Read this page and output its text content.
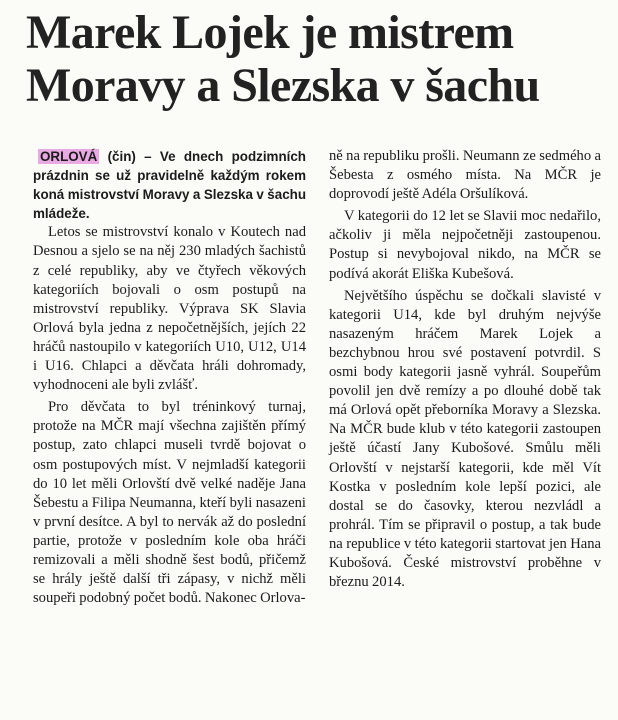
Marek Lojek je mistrem
Moravy a Slezska v šachu

ORLOVÁ (čin) – Ve dnech podzimních prázdnin se už pravidelně každým rokem koná mistrovství Moravy a Slezska v šachu mládeže.

Letos se mistrovství konalo v Koutech nad Desnou a sjelo se na něj 230 mladých šachistů z celé republiky, aby ve čtyřech věkových kategoriích bojovali o osm postupů na mistrovství republiky. Výprava SK Slavia Orlová byla jedna z nepočetnějších, jejích 22 hráčů nastoupilo v kategoriích U10, U12, U14 i U16. Chlapci a děvčata hráli dohromady, vyhodnoceni ale byli zvlášť.

Pro děvčata to byl tréninkový turnaj, protože na MČR mají všechna zajištěn přímý postup, zato chlapci museli tvrdě bojovat o osm postupových míst. V nejmladší kategorii do 10 let měli Orlovští dvě velké naděje Jana Šebestu a Filipa Neumanna, kteří byli nasazeni v první desítce. A byl to nervák až do poslední partie, protože v posledním kole oba hráči remizovali a měli shodně šest bodů, přičemž se hrály ještě další tři zápasy, v nichž měli soupeři podobný počet bodů. Nakonec Orlova-

ně na republiku prošli. Neumann ze sedmého a Šebesta z osmého místa. Na MČR je doprovodí ještě Adéla Oršulíková.

V kategorii do 12 let se Slavii moc nedařilo, ačkoliv ji měla nejpočetněji zastoupenou. Postup si nevybojoval nikdo, na MČR se podívá akorát Eliška Kubešová.

Největšího úspěchu se dočkali slavisté v kategorii U14, kde byl druhým nejvýše nasazeným hráčem Marek Lojek a bezchybnou hrou své postavení potvrdil. S osmi body kategorii jasně vyhrál. Soupeřům povolil jen dvě remízy a po dlouhé době tak má Orlová opět přeborníka Moravy a Slezska. Na MČR bude klub v této kategorii zastoupen ještě účastí Jany Kubošové. Smůlu měli Orlovští v nejstarší kategorii, kde měl Vít Kostka v posledním kole lepší pozici, ale dostal se do časovky, kterou nezvládl a prohrál. Tím se připravil o postup, a tak bude na republice v této kategorii startovat jen Hana Kubošová. České mistrovství proběhne v březnu 2014.
